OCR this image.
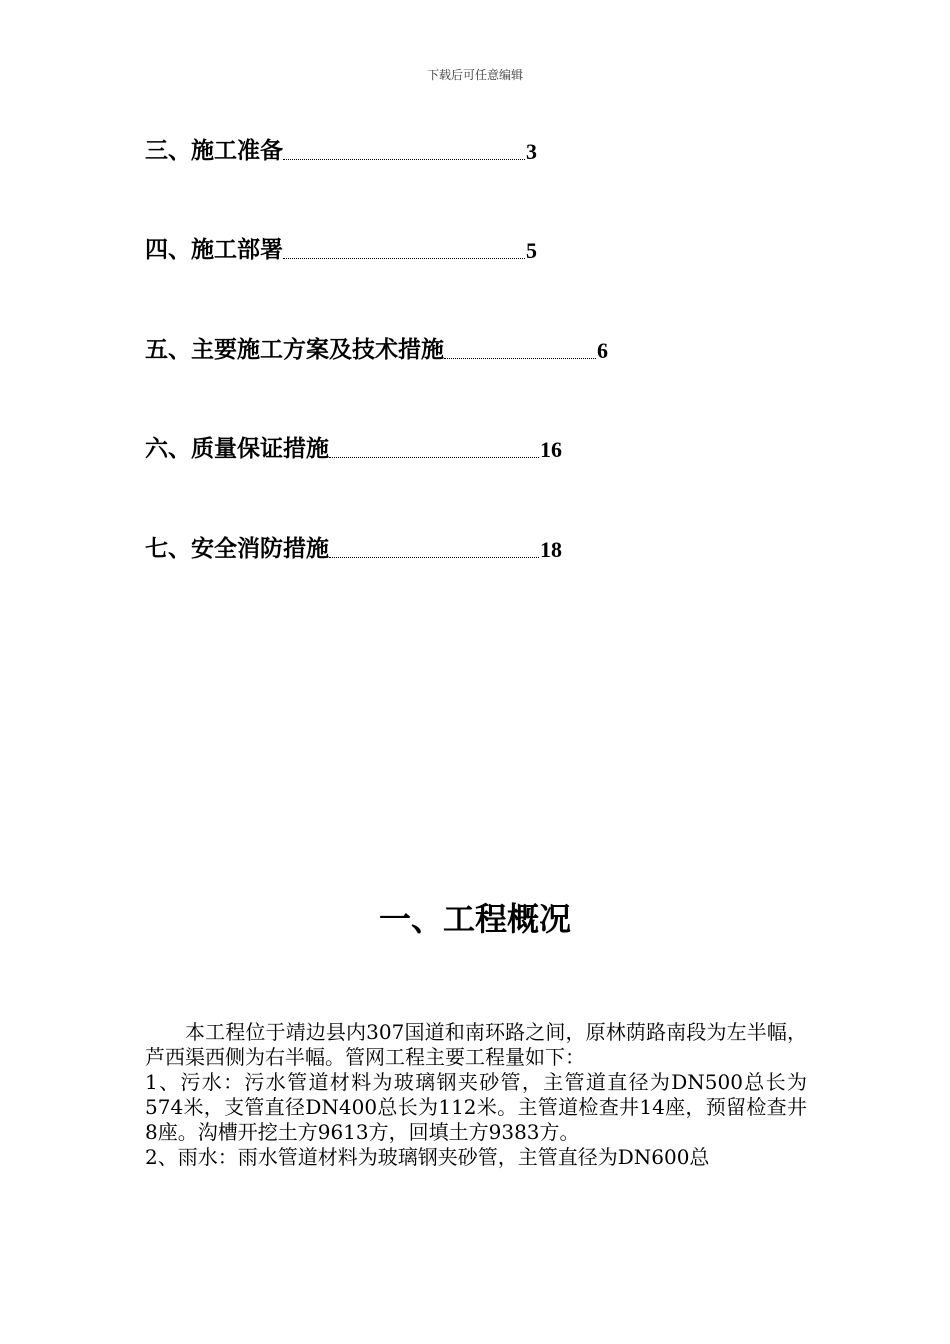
下载后可任意编辑
三、施工准备	3
四、施工部署	5
五、主要施工方案及技术措施	6
六、质量保证措施	16
七、安全消防措施	18
一、工程概况

本工程位于靖边县内307国道和南环路之间，原林荫路南段为左半幅，芦西渠西侧为右半幅。管网工程主要工程量如下：

1、污水：污水管道材料为玻璃钢夹砂管，主管道直径为DN500总长为574米，支管直径DN400总长为112米。主管道检查井14座，预留检查井8座。沟槽开挖土方9613方，回填土方9383方。

2、雨水：雨水管道材料为玻璃钢夹砂管，主管直径为DN600总
